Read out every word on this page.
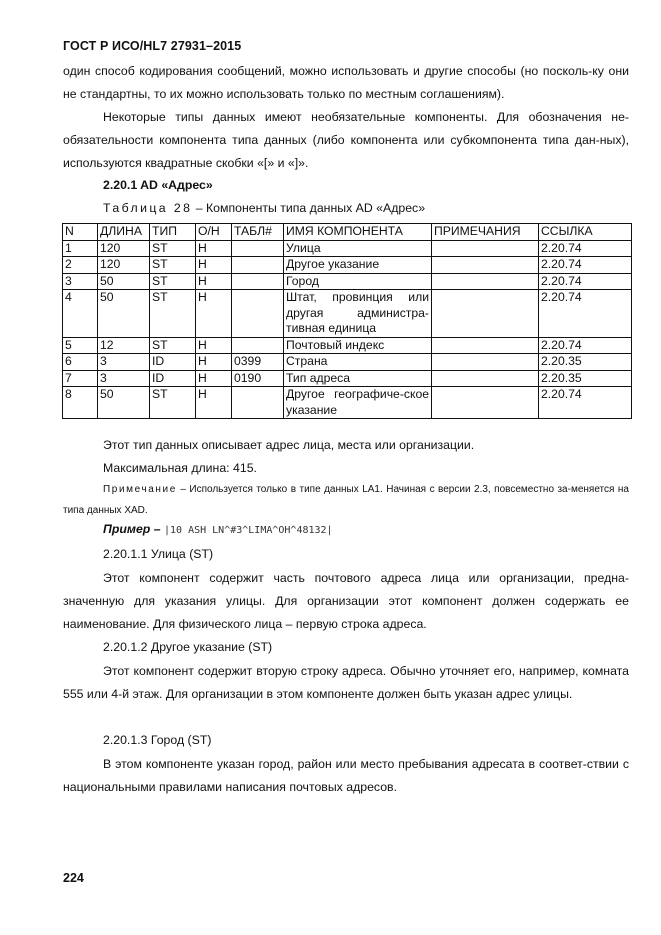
ГОСТ Р ИСО/HL7 27931–2015

один способ кодирования сообщений, можно использовать и другие способы (но посколь-ку они не стандартны, то их можно использовать только по местным соглашениям).

Некоторые типы данных имеют необязательные компоненты. Для обозначения не-обязательности компонента типа данных (либо компонента или субкомпонента типа дан-ных), используются квадратные скобки «[» и «]».

2.20.1 AD «Адрес»
Таблица 28 – Компоненты типа данных AD «Адрес»
N	ДЛИНА	ТИП	О/Н	ТАБЛ#	ИМЯ КОМПОНЕНТА	ПРИМЕЧАНИЯ	ССЫЛКА
1	120	ST	Н		Улица		2.20.74
2	120	ST	Н		Другое указание		2.20.74
3	50	ST	Н		Город		2.20.74
4	50	ST	Н		Штат, провинция или другая администра-тивная единица		2.20.74
5	12	ST	Н		Почтовый индекс		2.20.74
6	3	ID	Н	0399	Страна		2.20.35
7	3	ID	Н	0190	Тип адреса		2.20.35
8	50	ST	Н		Другое географиче-ское указание		2.20.74
Этот тип данных описывает адрес лица, места или организации.
Максимальная длина: 415.
Примечание – Используется только в типе данных LA1. Начиная с версии 2.3, повсеместно за-меняется на типа данных XAD.
Пример – |10 ASH LN^#3^LIMA^OH^48132|
2.20.1.1 Улица (ST)

Этот компонент содержит часть почтового адреса лица или организации, предна-значенную для указания улицы. Для организации этот компонент должен содержать ее наименование. Для физического лица – первую строка адреса.

2.20.1.2 Другое указание (ST)

Этот компонент содержит вторую строку адреса. Обычно уточняет его, например, комната 555 или 4-й этаж. Для организации в этом компоненте должен быть указан адрес улицы.

2.20.1.3 Город (ST)

В этом компоненте указан город, район или место пребывания адресата в соответ-ствии с национальными правилами написания почтовых адресов.

224
